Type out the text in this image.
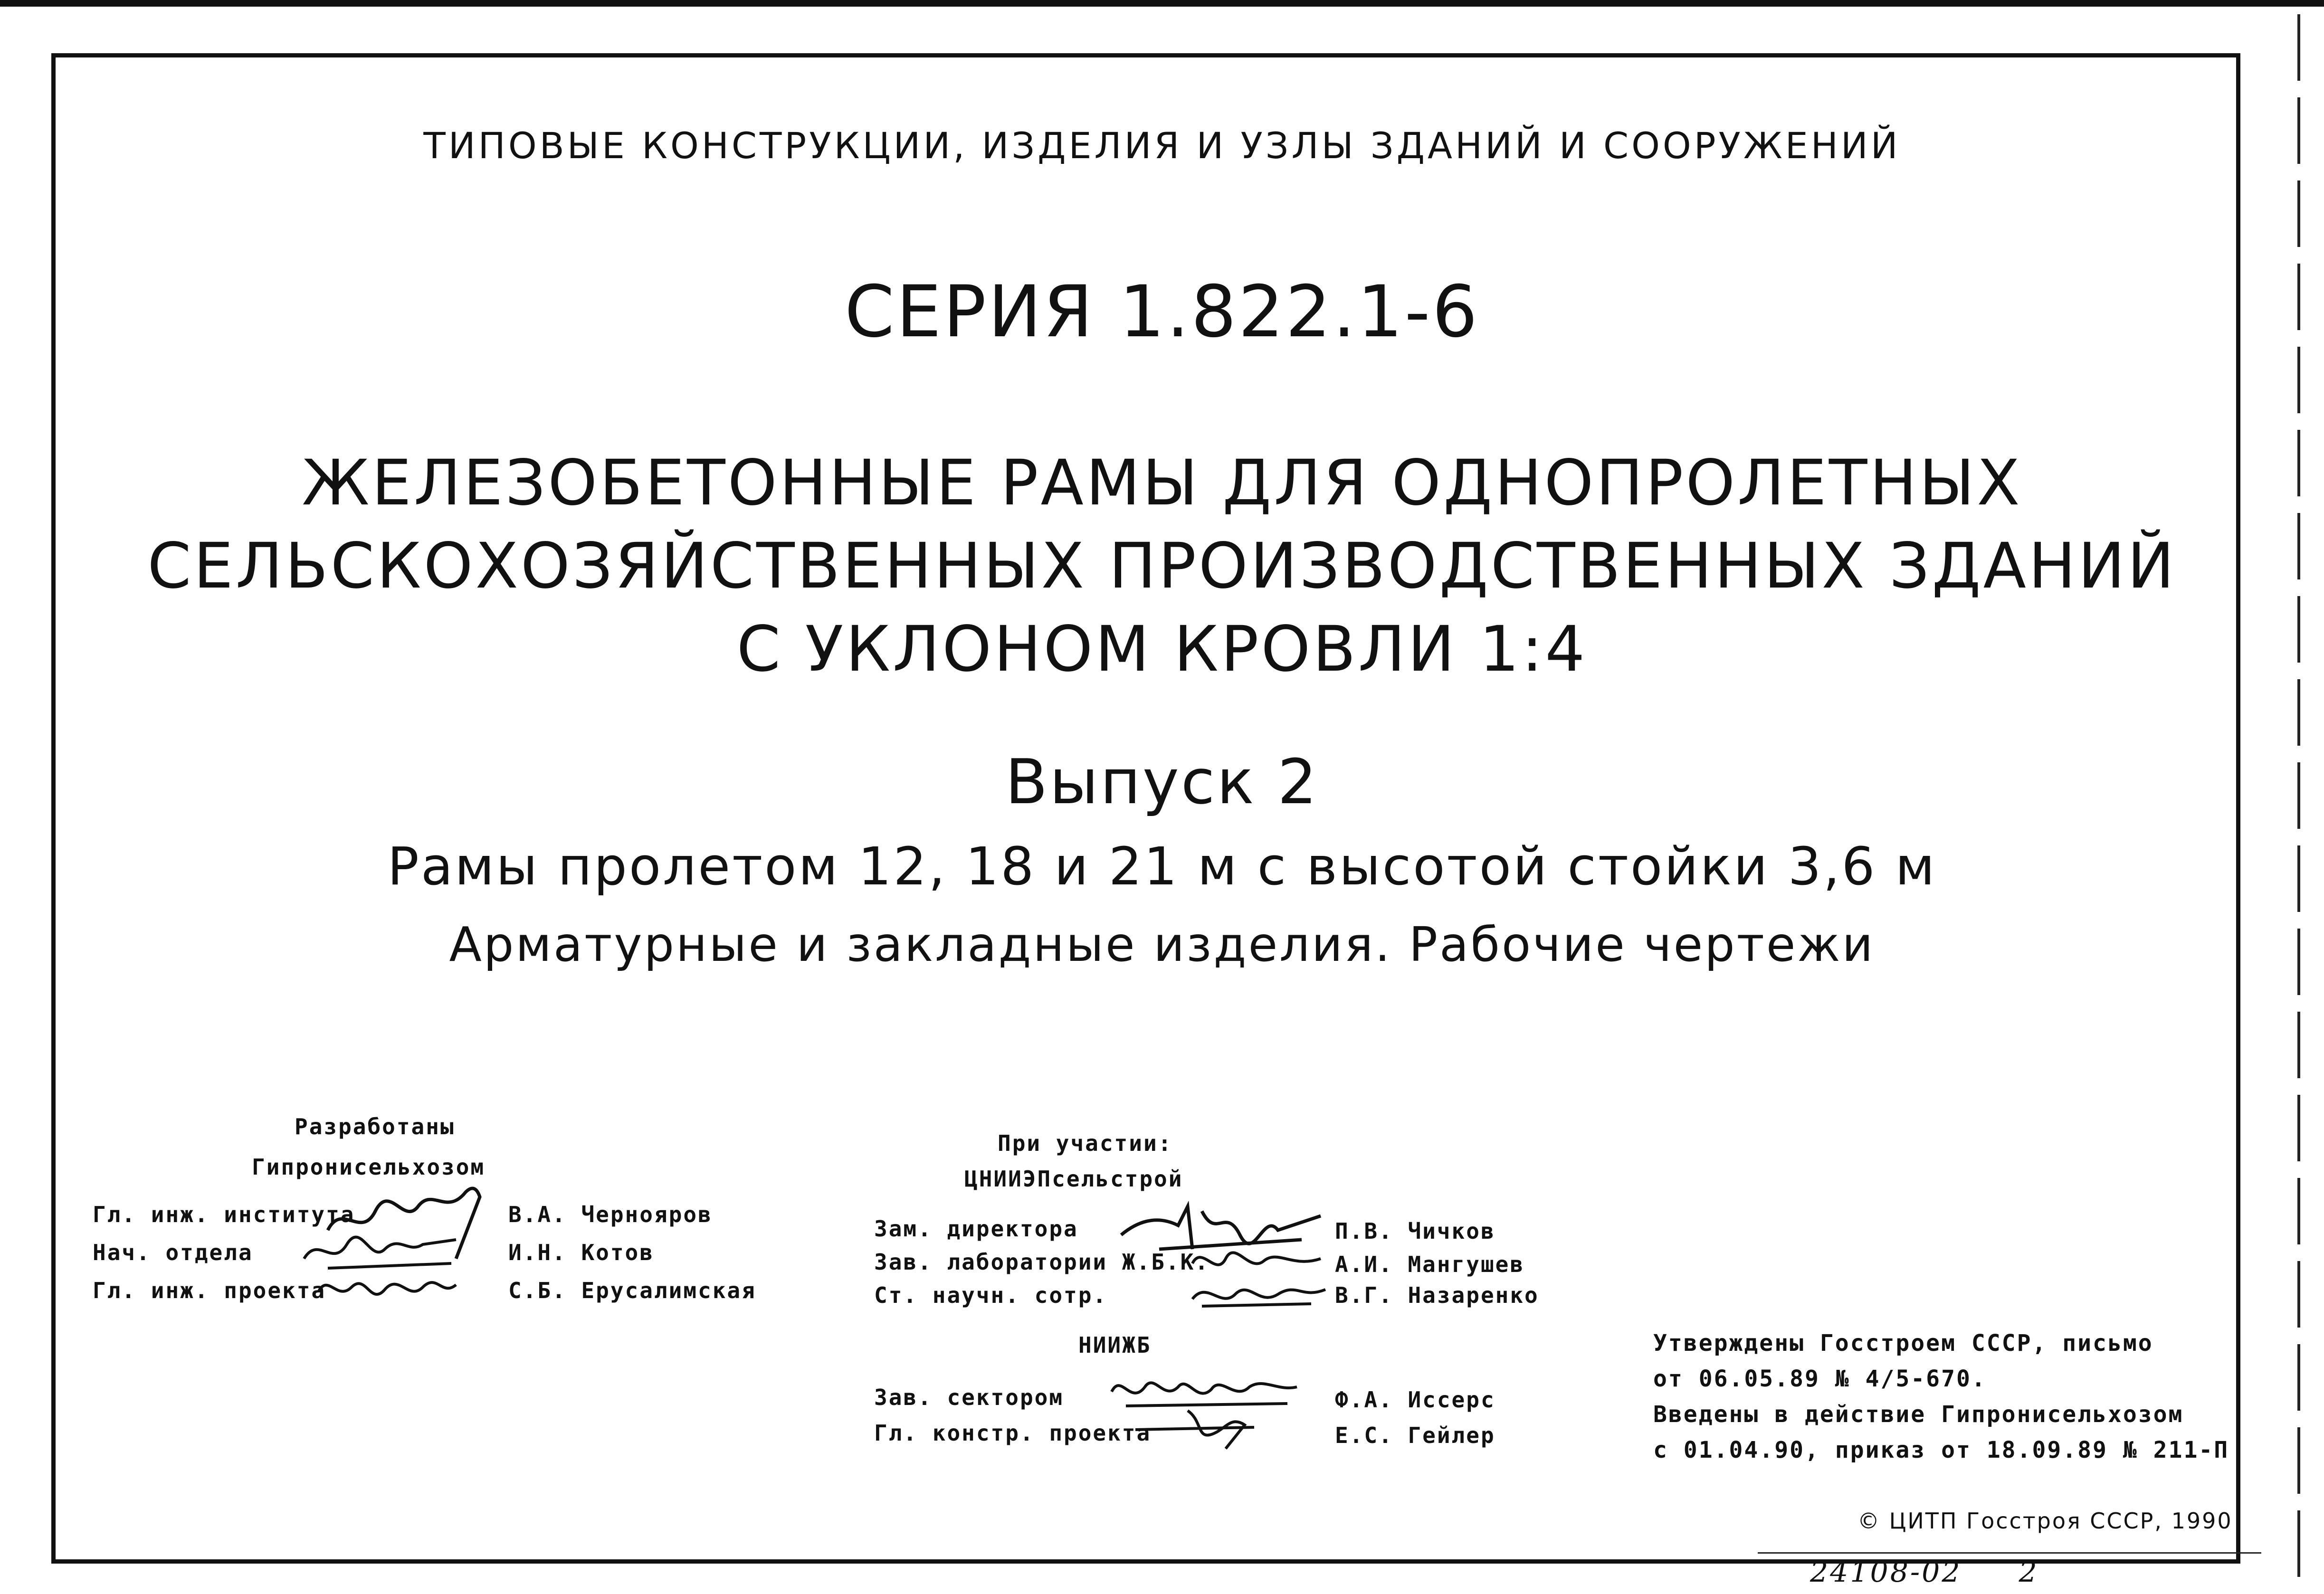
ТИПОВЫЕ КОНСТРУКЦИИ, ИЗДЕЛИЯ И УЗЛЫ ЗДАНИЙ И СООРУЖЕНИЙ
СЕРИЯ 1.822.1-6
ЖЕЛЕЗОБЕТОННЫЕ РАМЫ ДЛЯ ОДНОПРОЛЕТНЫХ
СЕЛЬСКОХОЗЯЙСТВЕННЫХ ПРОИЗВОДСТВЕННЫХ ЗДАНИЙ
С УКЛОНОМ КРОВЛИ 1:4
Выпуск 2
Рамы пролетом 12, 18 и 21 м с высотой стойки 3,6 м
Арматурные и закладные изделия. Рабочие чертежи
Разработаны
Гипронисельхозом
Гл. инж. института	В.А. Чернояров
Нач. отдела	И.Н. Котов
Гл. инж. проекта	С.Б. Ерусалимская
При участии:
ЦНИИЭПсельстрой
Зам. директора	П.В. Чичков
Зав. лаборатории Ж.Б.К.	А.И. Мангушев
Ст. научн. сотр.	В.Г. Назаренко
НИИЖБ
Зав. сектором	Ф.А. Иссерс
Гл. констр. проекта	Е.С. Гейлер
Утверждены Госстроем СССР, письмо
от 06.05.89 № 4/5-670.
Введены в действие Гипронисельхозом
с 01.04.90, приказ от 18.09.89 № 211-П
© ЦИТП Госстроя СССР, 1990
24108-02 2
